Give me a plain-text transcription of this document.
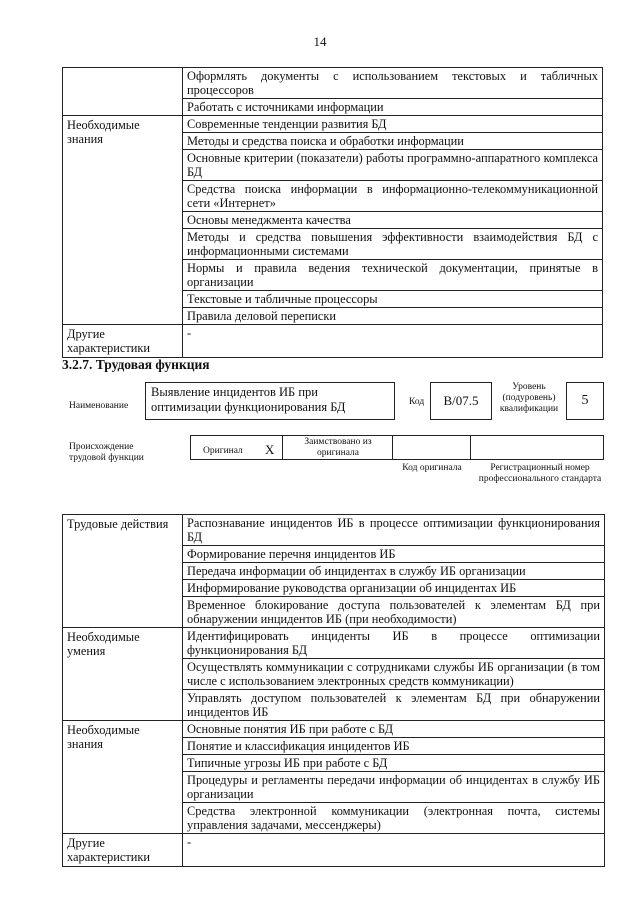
14
	Оформлять документы с использованием текстовых и табличных процессоров
	Работать с источниками информации
Необходимые знания	Современные тенденции развития БД
	Методы и средства поиска и обработки информации
	Основные критерии (показатели) работы программно-аппаратного комплекса БД
	Средства поиска информации в информационно-телекоммуникационной сети «Интернет»
	Основы менеджмента качества
	Методы и средства повышения эффективности взаимодействия БД с информационными системами
	Нормы и правила ведения технической документации, принятые в организации
	Текстовые и табличные процессоры
	Правила деловой переписки
Другие характеристики	-
3.2.7. Трудовая функция
Наименование
Выявление инцидентов ИБ при оптимизации функционирования БД	Код	B/07.5
Уровень (подуровень) квалификации
5
Происхождение трудовой функции
Оригинал X	Заимствовано из оригинала
Код оригинала	Регистрационный номер профессионального стандарта
Трудовые действия	Распознавание инцидентов ИБ в процессе оптимизации функционирования БД
	Формирование перечня инцидентов ИБ
	Передача информации об инцидентах в службу ИБ организации
	Информирование руководства организации об инцидентах ИБ
	Временное блокирование доступа пользователей к элементам БД при обнаружении инцидентов ИБ (при необходимости)
Необходимые умения	Идентифицировать инциденты ИБ в процессе оптимизации функционирования БД
	Осуществлять коммуникации с сотрудниками службы ИБ организации (в том числе с использованием электронных средств коммуникации)
	Управлять доступом пользователей к элементам БД при обнаружении инцидентов ИБ
Необходимые знания	Основные понятия ИБ при работе с БД
	Понятие и классификация инцидентов ИБ
	Типичные угрозы ИБ при работе с БД
	Процедуры и регламенты передачи информации об инцидентах в службу ИБ организации
	Средства электронной коммуникации (электронная почта, системы управления задачами, мессенджеры)
Другие характеристики	-
